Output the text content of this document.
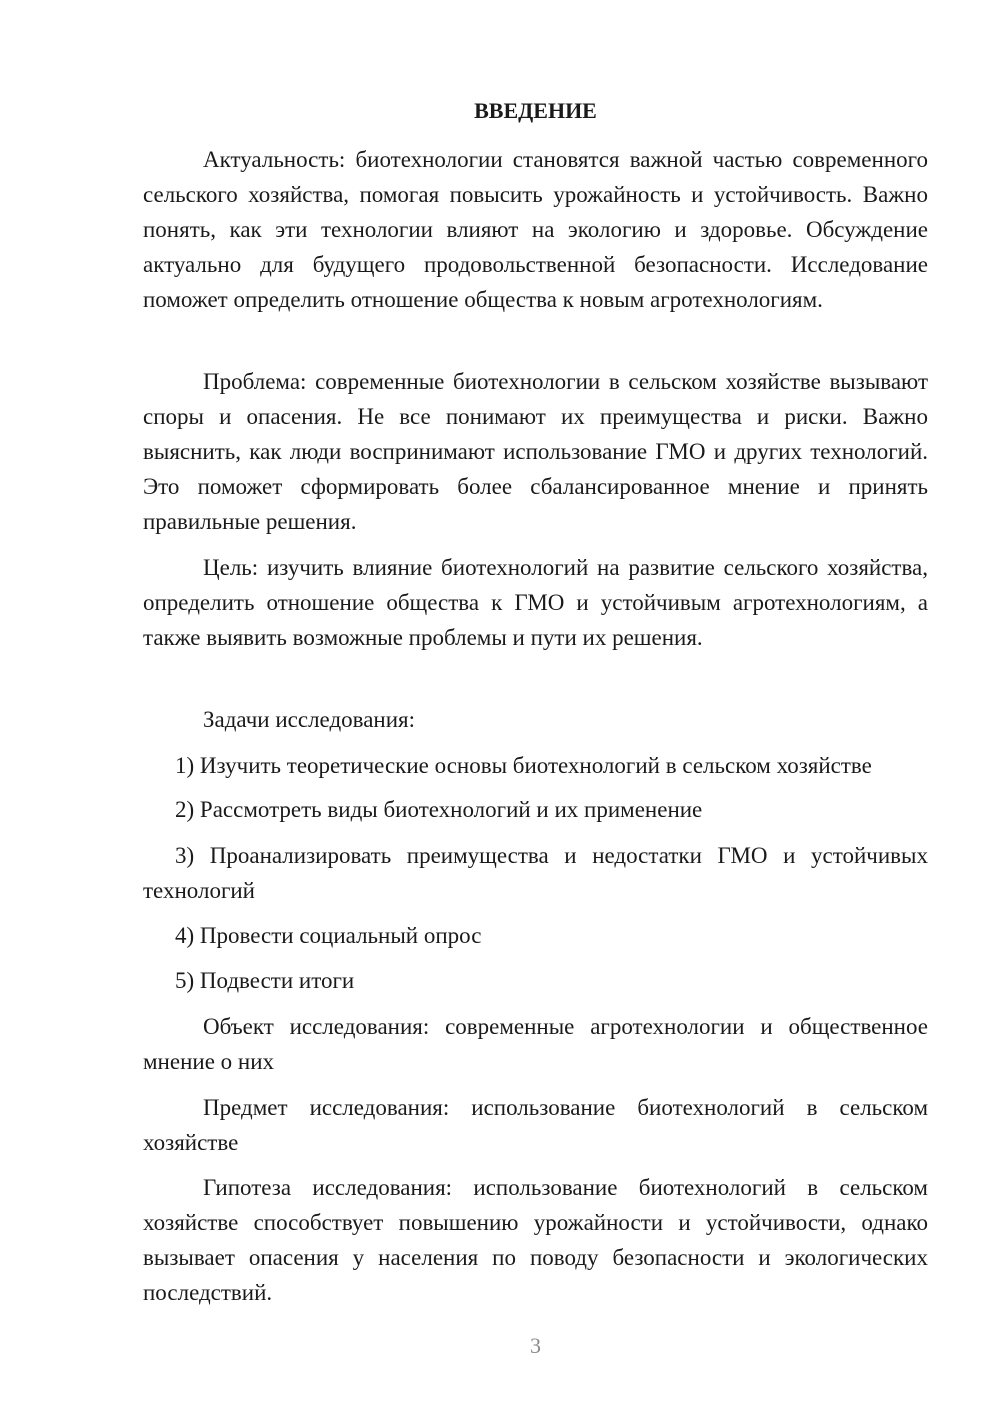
ВВЕДЕНИЕ

Актуальность: биотехнологии становятся важной частью современного сельского хозяйства, помогая повысить урожайность и устойчивость. Важно понять, как эти технологии влияют на экологию и здоровье. Обсуждение актуально для будущего продовольственной безопасности. Исследование поможет определить отношение общества к новым агротехнологиям.

Проблема: современные биотехнологии в сельском хозяйстве вызывают споры и опасения. Не все понимают их преимущества и риски. Важно выяснить, как люди воспринимают использование ГМО и других технологий. Это поможет сформировать более сбалансированное мнение и принять правильные решения.

Цель: изучить влияние биотехнологий на развитие сельского хозяйства, определить отношение общества к ГМО и устойчивым агротехнологиям, а также выявить возможные проблемы и пути их решения.

Задачи исследования:

1) Изучить теоретические основы биотехнологий в сельском хозяйстве

2) Рассмотреть виды биотехнологий и их применение

3) Проанализировать преимущества и недостатки ГМО и устойчивых технологий

4) Провести социальный опрос

5) Подвести итоги

Объект исследования: современные агротехнологии и общественное мнение о них

Предмет исследования: использование биотехнологий в сельском хозяйстве

Гипотеза исследования: использование биотехнологий в сельском хозяйстве способствует повышению урожайности и устойчивости, однако вызывает опасения у населения по поводу безопасности и экологических последствий.

3
